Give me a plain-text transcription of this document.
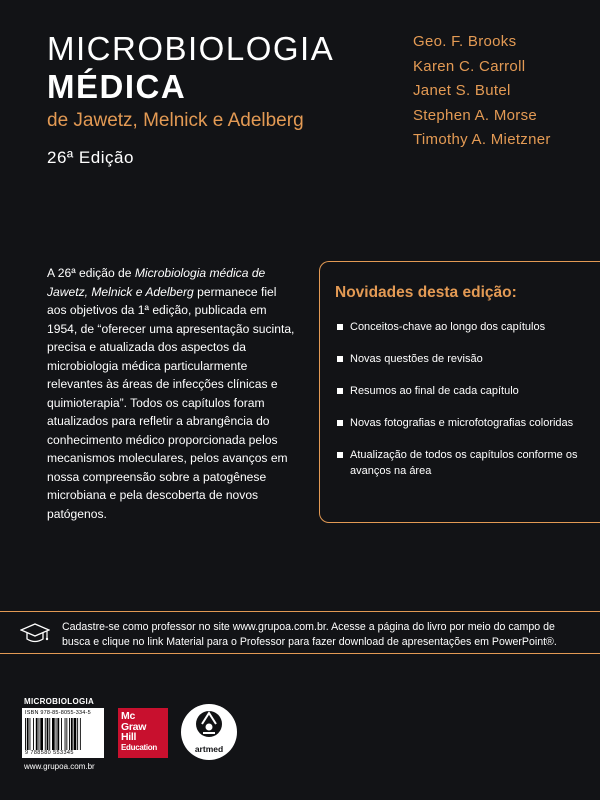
MICROBIOLOGIA
MÉDICA
de Jawetz, Melnick e Adelberg
26ª Edição
Geo. F. Brooks
Karen C. Carroll
Janet S. Butel
Stephen A. Morse
Timothy A. Mietzner
A 26ª edição de Microbiologia médica de Jawetz, Melnick e Adelberg permanece fiel aos objetivos da 1ª edição, publicada em 1954, de “oferecer uma apresentação sucinta, precisa e atualizada dos aspectos da microbiologia médica particularmente relevantes às áreas de infecções clínicas e quimioterapia”. Todos os capítulos foram atualizados para refletir a abrangência do conhecimento médico proporcionada pelos mecanismos moleculares, pelos avanços em nossa compreensão sobre a patogênese microbiana e pela descoberta de novos patógenos.
Novidades desta edição:
Conceitos-chave ao longo dos capítulos
Novas questões de revisão
Resumos ao final de cada capítulo
Novas fotografias e microfotografias coloridas
Atualização de todos os capítulos conforme os avanços na área
Cadastre-se como professor no site www.grupoa.com.br. Acesse a página do livro por meio do campo de busca e clique no link Material para o Professor para fazer download de apresentações em PowerPoint®.
MICROBIOLOGIA
ISBN 978-85-8055-334-5
9 788580 553345
www.grupoa.com.br
Mc
Graw
Hill
Education	artmed
